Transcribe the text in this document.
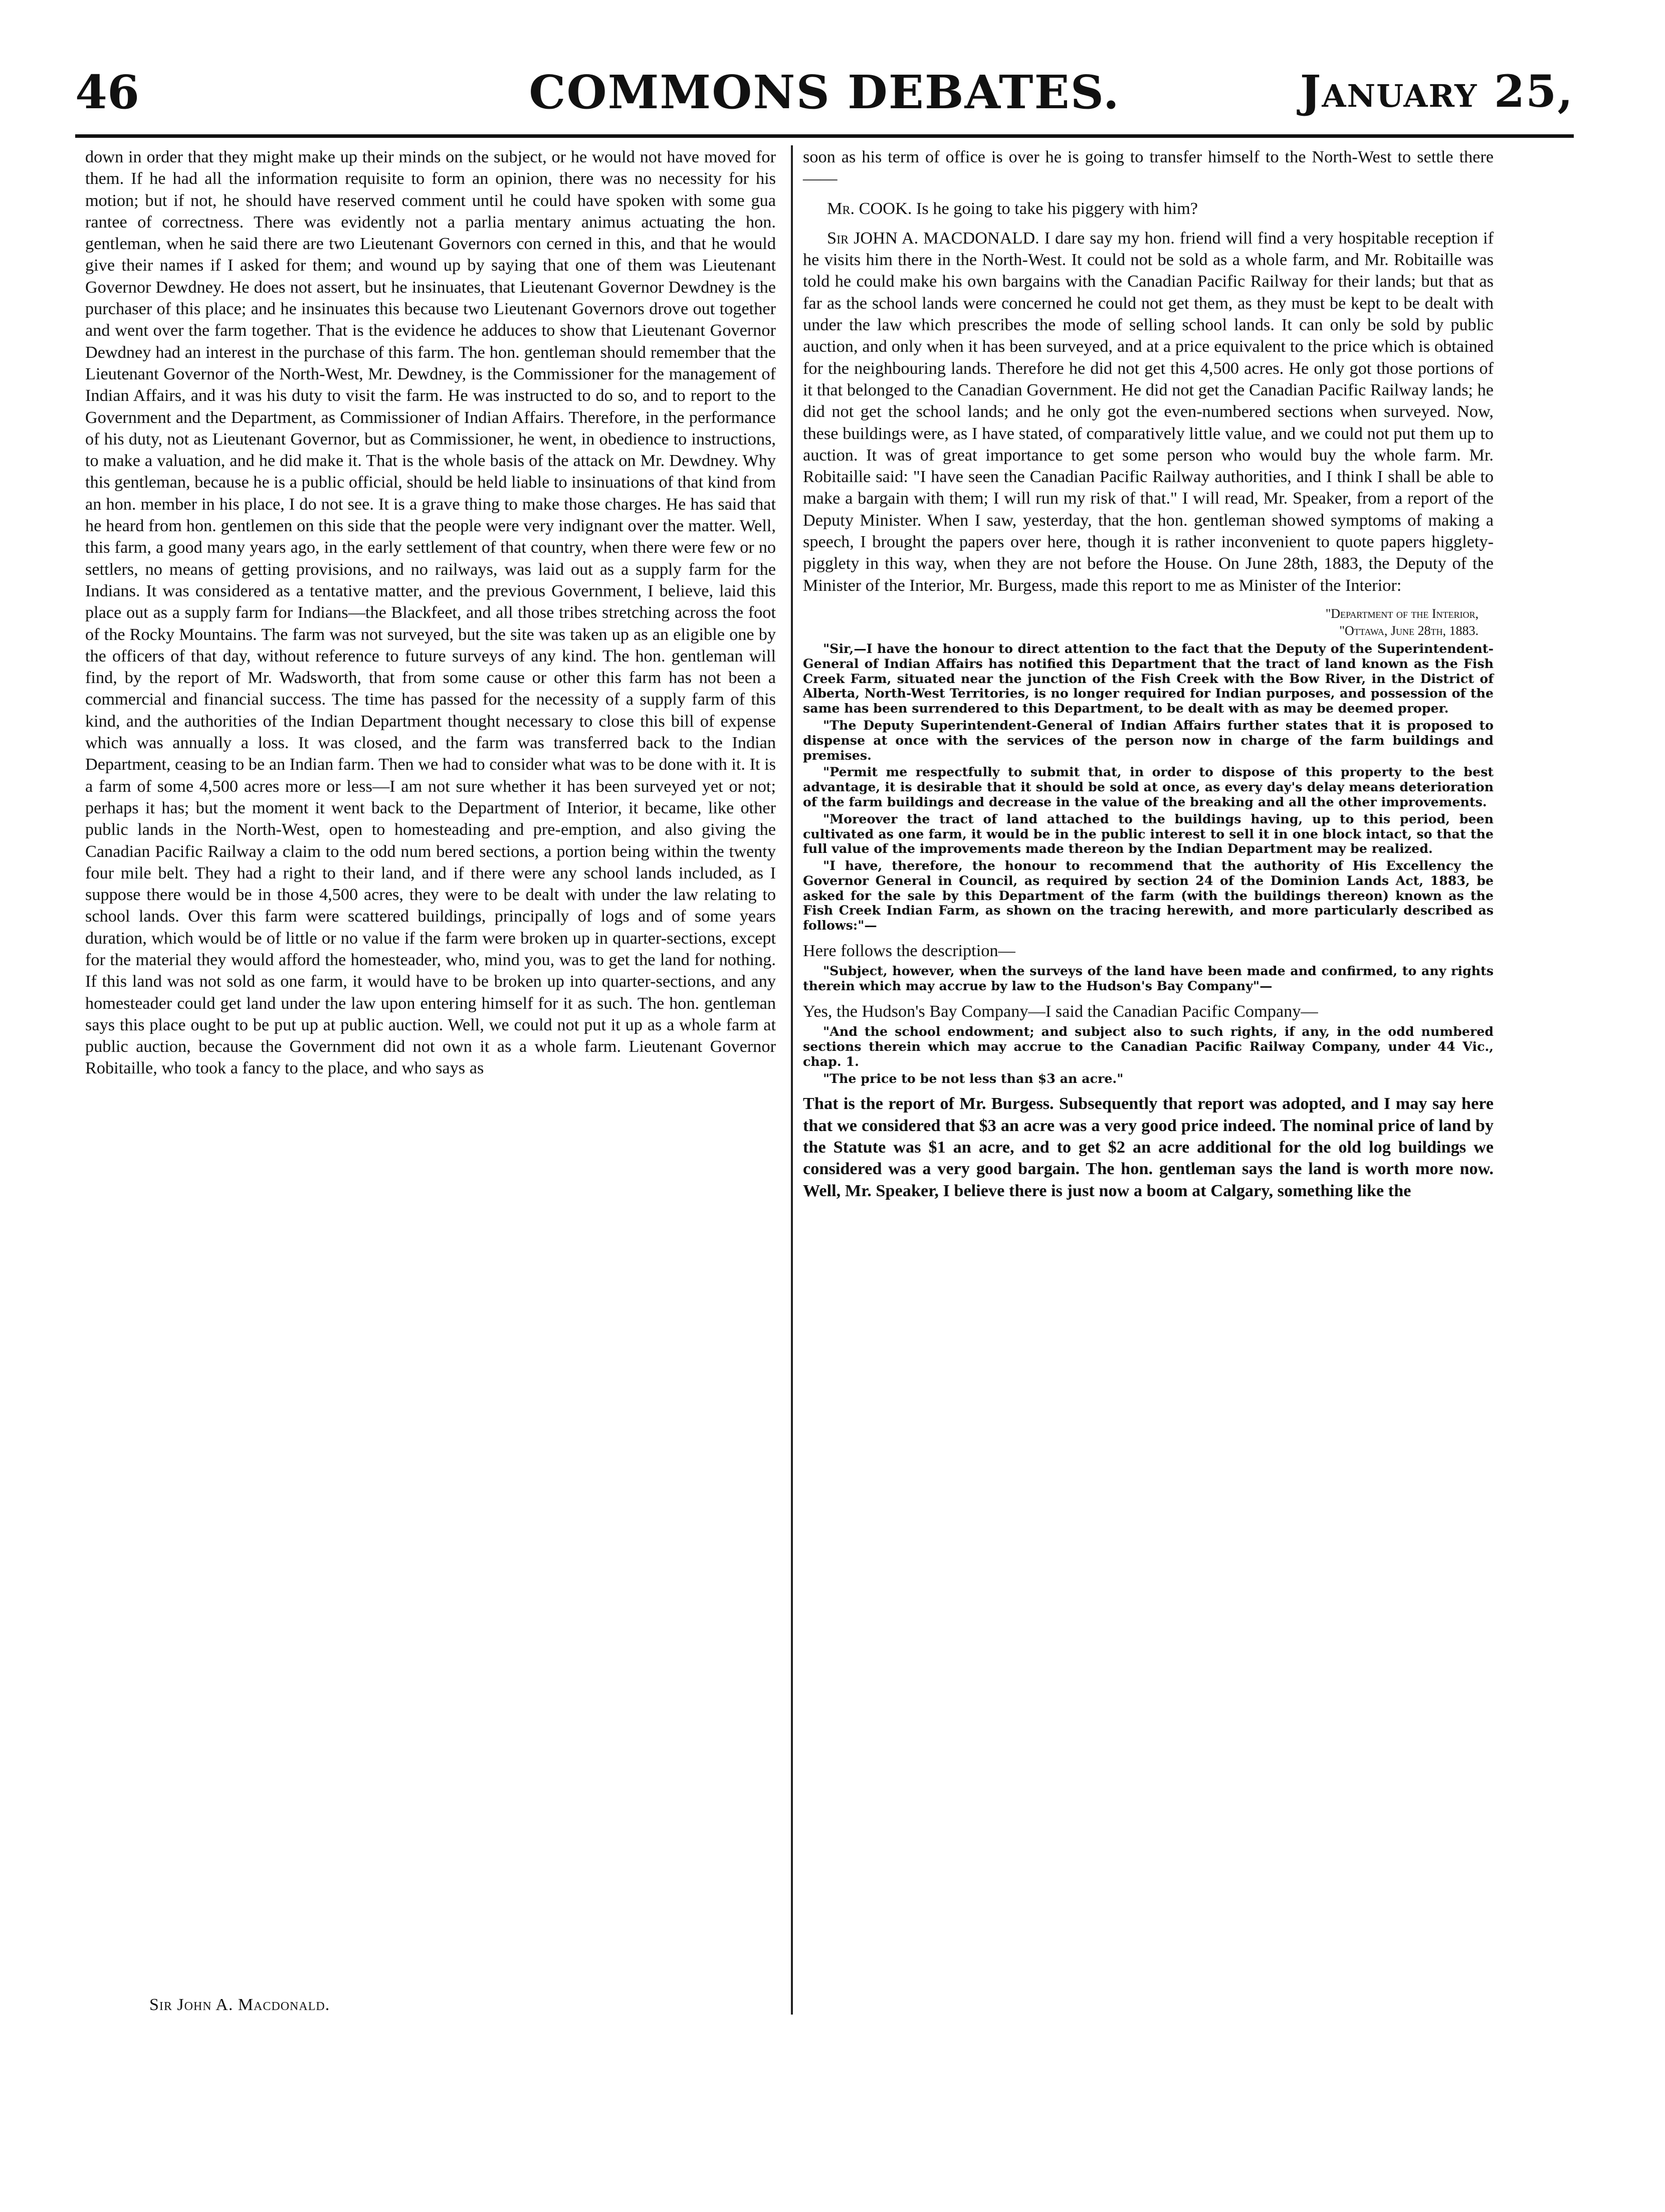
46	COMMONS DEBATES.	January 25,

down in order that they might make up their minds on the subject, or he would not have moved for them. If he had all the information requisite to form an opinion, there was no necessity for his motion; but if not, he should have reserved comment until he could have spoken with some gua rantee of correctness. There was evidently not a parlia mentary animus actuating the hon. gentleman, when he said there are two Lieutenant Governors con cerned in this, and that he would give their names if I asked for them; and wound up by saying that one of them was Lieutenant Governor Dewdney. He does not assert, but he insinuates, that Lieutenant Governor Dewdney is the purchaser of this place; and he insinuates this because two Lieutenant Governors drove out together and went over the farm together. That is the evidence he adduces to show that Lieutenant Governor Dewdney had an interest in the purchase of this farm. The hon. gentleman should remember that the Lieutenant Governor of the North-West, Mr. Dewdney, is the Commissioner for the management of Indian Affairs, and it was his duty to visit the farm. He was instructed to do so, and to report to the Government and the Department, as Commissioner of Indian Affairs. Therefore, in the performance of his duty, not as Lieutenant Governor, but as Commissioner, he went, in obedience to instructions, to make a valuation, and he did make it. That is the whole basis of the attack on Mr. Dewdney. Why this gentleman, because he is a public official, should be held liable to insinuations of that kind from an hon. member in his place, I do not see. It is a grave thing to make those charges. He has said that he heard from hon. gentlemen on this side that the people were very indignant over the matter. Well, this farm, a good many years ago, in the early settlement of that country, when there were few or no settlers, no means of getting provisions, and no railways, was laid out as a supply farm for the Indians. It was considered as a tentative matter, and the previous Government, I believe, laid this place out as a supply farm for Indians—the Blackfeet, and all those tribes stretching across the foot of the Rocky Mountains. The farm was not surveyed, but the site was taken up as an eligible one by the officers of that day, without reference to future surveys of any kind. The hon. gentleman will find, by the report of Mr. Wadsworth, that from some cause or other this farm has not been a commercial and financial success. The time has passed for the necessity of a supply farm of this kind, and the authorities of the Indian Department thought necessary to close this bill of expense which was annually a loss. It was closed, and the farm was transferred back to the Indian Department, ceasing to be an Indian farm. Then we had to consider what was to be done with it. It is a farm of some 4,500 acres more or less—I am not sure whether it has been surveyed yet or not; perhaps it has; but the moment it went back to the Department of Interior, it became, like other public lands in the North-West, open to homesteading and pre-emption, and also giving the Canadian Pacific Railway a claim to the odd num bered sections, a portion being within the twenty four mile belt. They had a right to their land, and if there were any school lands included, as I suppose there would be in those 4,500 acres, they were to be dealt with under the law relating to school lands. Over this farm were scattered buildings, principally of logs and of some years duration, which would be of little or no value if the farm were broken up in quarter-sections, except for the material they would afford the homesteader, who, mind you, was to get the land for nothing. If this land was not sold as one farm, it would have to be broken up into quarter-sections, and any homesteader could get land under the law upon entering himself for it as such. The hon. gentleman says this place ought to be put up at public auction. Well, we could not put it up as a whole farm at public auction, because the Government did not own it as a whole farm. Lieutenant Governor Robitaille, who took a fancy to the place, and who says as

Sir John A. Macdonald.

soon as his term of office is over he is going to transfer himself to the North-West to settle there——

Mr. COOK. Is he going to take his piggery with him?

Sir JOHN A. MACDONALD. I dare say my hon. friend will find a very hospitable reception if he visits him there in the North-West. It could not be sold as a whole farm, and Mr. Robitaille was told he could make his own bargains with the Canadian Pacific Railway for their lands; but that as far as the school lands were concerned he could not get them, as they must be kept to be dealt with under the law which prescribes the mode of selling school lands. It can only be sold by public auction, and only when it has been surveyed, and at a price equivalent to the price which is obtained for the neighbouring lands. Therefore he did not get this 4,500 acres. He only got those portions of it that belonged to the Canadian Government. He did not get the Canadian Pacific Railway lands; he did not get the school lands; and he only got the even-numbered sections when surveyed. Now, these buildings were, as I have stated, of comparatively little value, and we could not put them up to auction. It was of great importance to get some person who would buy the whole farm. Mr. Robitaille said: "I have seen the Canadian Pacific Railway authorities, and I think I shall be able to make a bargain with them; I will run my risk of that." I will read, Mr. Speaker, from a report of the Deputy Minister. When I saw, yesterday, that the hon. gentleman showed symptoms of making a speech, I brought the papers over here, though it is rather inconvenient to quote papers higglety-pigglety in this way, when they are not before the House. On June 28th, 1883, the Deputy of the Minister of the Interior, Mr. Burgess, made this report to me as Minister of the Interior:

"Department of the Interior,
"Ottawa, June 28th, 1883.

"Sir,—I have the honour to direct attention to the fact that the Deputy of the Superintendent-General of Indian Affairs has notified this Department that the tract of land known as the Fish Creek Farm, situated near the junction of the Fish Creek with the Bow River, in the District of Alberta, North-West Territories, is no longer required for Indian purposes, and possession of the same has been surrendered to this Department, to be dealt with as may be deemed proper.

"The Deputy Superintendent-General of Indian Affairs further states that it is proposed to dispense at once with the services of the person now in charge of the farm buildings and premises.

"Permit me respectfully to submit that, in order to dispose of this property to the best advantage, it is desirable that it should be sold at once, as every day's delay means deterioration of the farm buildings and decrease in the value of the breaking and all the other improvements.

"Moreover the tract of land attached to the buildings having, up to this period, been cultivated as one farm, it would be in the public interest to sell it in one block intact, so that the full value of the improvements made thereon by the Indian Department may be realized.

"I have, therefore, the honour to recommend that the authority of His Excellency the Governor General in Council, as required by section 24 of the Dominion Lands Act, 1883, be asked for the sale by this Department of the farm (with the buildings thereon) known as the Fish Creek Indian Farm, as shown on the tracing herewith, and more particularly described as follows:"—

Here follows the description—

"Subject, however, when the surveys of the land have been made and confirmed, to any rights therein which may accrue by law to the Hudson's Bay Company"—

Yes, the Hudson's Bay Company—I said the Canadian Pacific Company—

"And the school endowment; and subject also to such rights, if any, in the odd numbered sections therein which may accrue to the Canadian Pacific Railway Company, under 44 Vic., chap. 1.

"The price to be not less than $3 an acre."

That is the report of Mr. Burgess. Subsequently that report was adopted, and I may say here that we considered that $3 an acre was a very good price indeed. The nominal price of land by the Statute was $1 an acre, and to get $2 an acre additional for the old log buildings we considered was a very good bargain. The hon. gentleman says the land is worth more now. Well, Mr. Speaker, I believe there is just now a boom at Calgary, something like the
